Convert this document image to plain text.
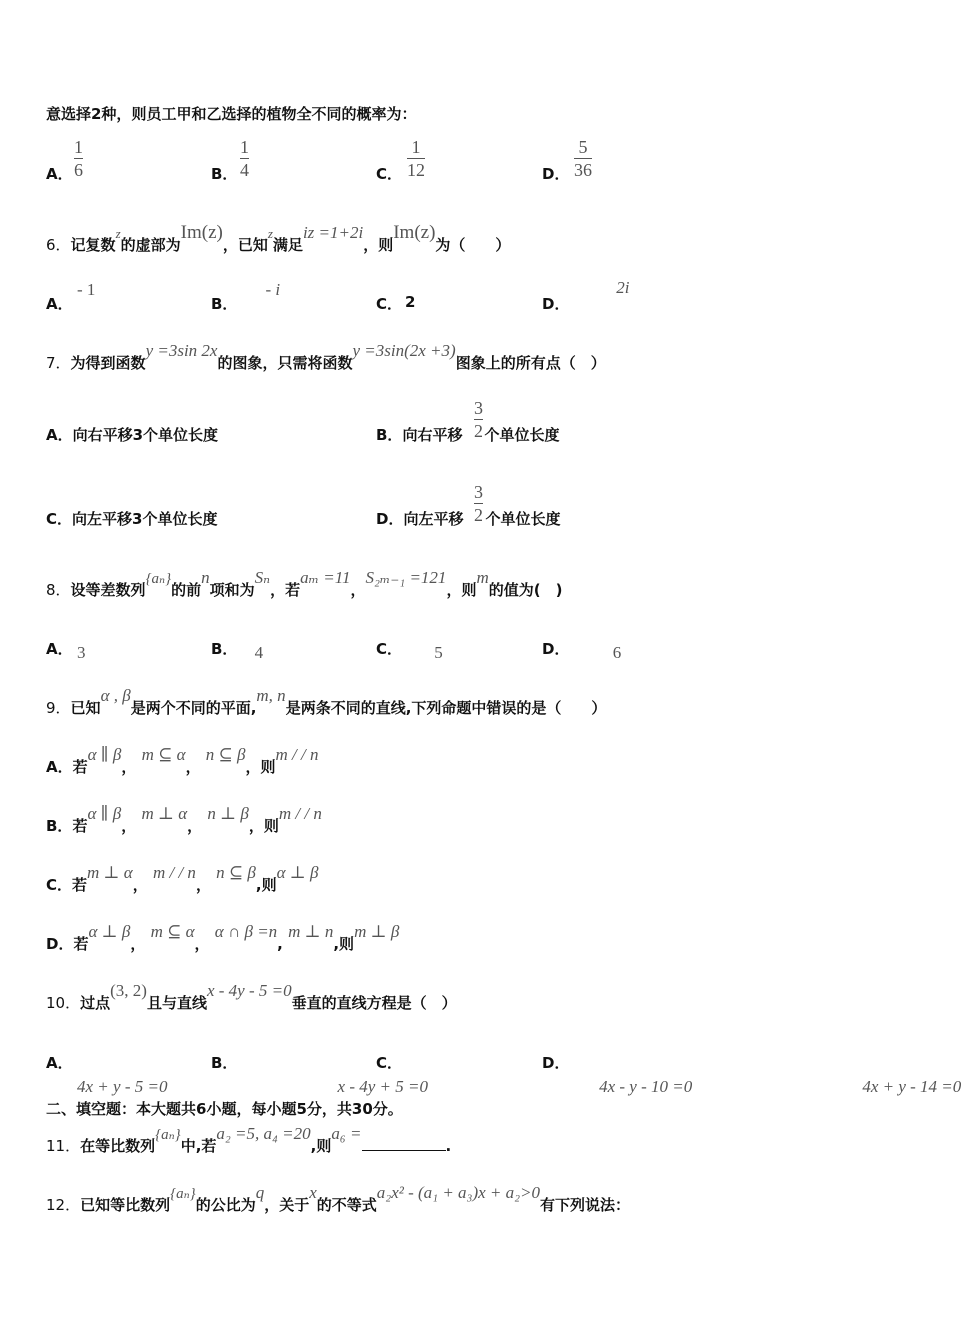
意选择2种，则员工甲和乙选择的植物全不同的概率为：
A．
1
6	B．
1
4	C．
1
12	D．
5
36
6．记复数z的虚部为Im(z)，已知z满足iz =1+2i，则Im(z)为（　　）
A．
- 1
B．
- i
C． 2	D．
2i
7．为得到函数y =3sin 2x的图象，只需将函数y =3sin(2x +3)图象上的所有点（　）
A．向右平移3个单位长度	B．向右平移 个单位长度
3
2
C．向左平移3个单位长度	D．向左平移 个单位长度
3
2
8．设等差数列{aₙ}的前n项和为Sₙ，若aₘ =11，S₂ₘ₋₁ =121，则m的值为(　)
A． 3	B． 4	C． 5	D．	6
9．已知α , β是两个不同的平面,m, n是两条不同的直线,下列命题中错误的是（　　）
A．若α ∥ β， m ⊆ α， n ⊆ β，则m / / n
B．若α ∥ β， m ⊥ α， n ⊥ β，则m / / n
C．若m ⊥ α， m / / n， n ⊆ β,则α ⊥ β
D．若α ⊥ β， m ⊆ α， α ∩ β =n, m ⊥ n,则m ⊥ β
10．过点(3, 2)且与直线x - 4y - 5 =0垂直的直线方程是（　）
A．
4x + y - 5 =0
B．
x - 4y + 5 =0
C．
4x - y - 10 =0
D．
4x + y - 14 =0
二、填空题：本大题共6小题，每小题5分，共30分。
11．在等比数列{aₙ}中,若a₂ =5, a₄ =20,则a₆ =.
12．已知等比数列{aₙ}的公比为q，关于x的不等式a₂x² - (a₁ + a₃)x + a₂>0有下列说法：
